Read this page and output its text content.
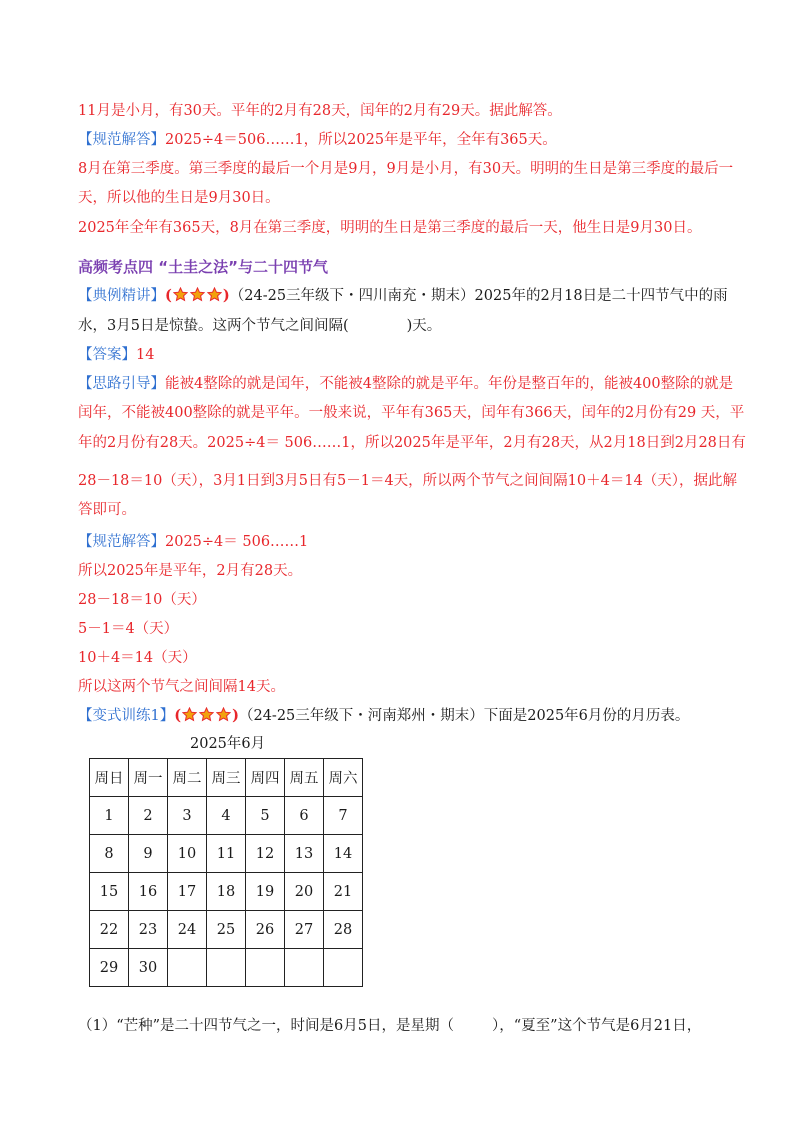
11月是小月，有30天。平年的2月有28天，闰年的2月有29天。据此解答。
【规范解答】2025÷4＝506……1，所以2025年是平年，全年有365天。
8月在第三季度。第三季度的最后一个月是9月，9月是小月，有30天。明明的生日是第三季度的最后一
天，所以他的生日是9月30日。
2025年全年有365天，8月在第三季度，明明的生日是第三季度的最后一天，他生日是9月30日。
高频考点四 “土圭之法”与二十四节气
【典例精讲】(	)（24-25三年级下・四川南充・期末）2025年的2月18日是二十四节气中的雨
水，3月5日是惊蛰。这两个节气之间间隔(	)天。
【答案】14
【思路引导】能被4整除的就是闰年，不能被4整除的就是平年。年份是整百年的，能被400整除的就是
闰年，不能被400整除的就是平年。一般来说，平年有365天，闰年有366天，闰年的2月份有29 天，平
年的2月份有28天。2025÷4＝ 506……1，所以2025年是平年，2月有28天，从2月18日到2月28日有
28－18＝10（天），3月1日到3月5日有5－1＝4天，所以两个节气之间间隔10＋4＝14（天），据此解
答即可。
【规范解答】2025÷4＝ 506……1
所以2025年是平年，2月有28天。
28－18＝10（天）
5－1＝4（天）
10＋4＝14（天）
所以这两个节气之间间隔14天。
【变式训练1】(	)（24-25三年级下・河南郑州・期末）下面是2025年6月份的月历表。
2025年6月
周日	周一	周二	周三	周四	周五	周六
1	2	3	4	5	6	7
8	9	10	11	12	13	14
15	16	17	18	19	20	21
22	23	24	25	26	27	28
29	30					
（1）“芒种”是二十四节气之一，时间是6月5日，是星期（	），“夏至”这个节气是6月21日，
